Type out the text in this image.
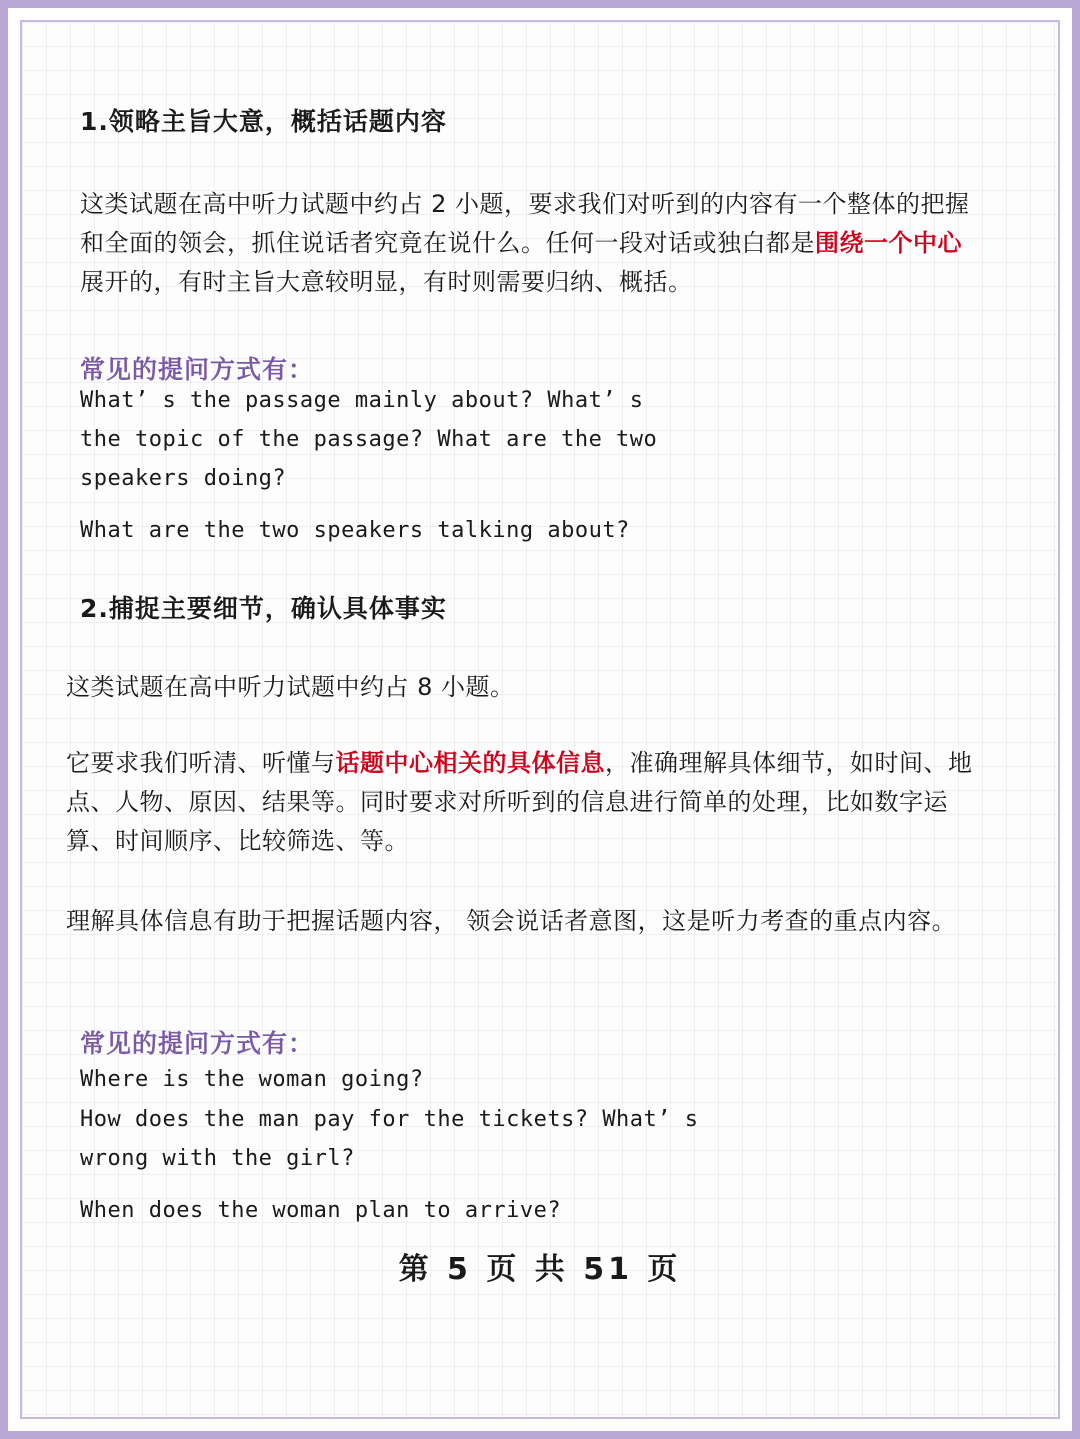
1.领略主旨大意，概括话题内容
这类试题在高中听力试题中约占 2 小题，要求我们对听到的内容有一个整体的把握和全面的领会，抓住说话者究竟在说什么。任何一段对话或独白都是围绕一个中心展开的，有时主旨大意较明显，有时则需要归纳、概括。
常见的提问方式有：
What’ s the passage mainly about? What’ s
the topic of the passage? What are the two
speakers doing?
What are the two speakers talking about?
2.捕捉主要细节，确认具体事实
这类试题在高中听力试题中约占 8 小题。
它要求我们听清、听懂与话题中心相关的具体信息，准确理解具体细节，如时间、地点、人物、原因、结果等。同时要求对所听到的信息进行简单的处理，比如数字运算、时间顺序、比较筛选、等。
理解具体信息有助于把握话题内容， 领会说话者意图，这是听力考查的重点内容。
常见的提问方式有：
Where is the woman going?
How does the man pay for the tickets? What’ s
wrong with the girl?
When does the woman plan to arrive?
第 5 页 共 51 页
